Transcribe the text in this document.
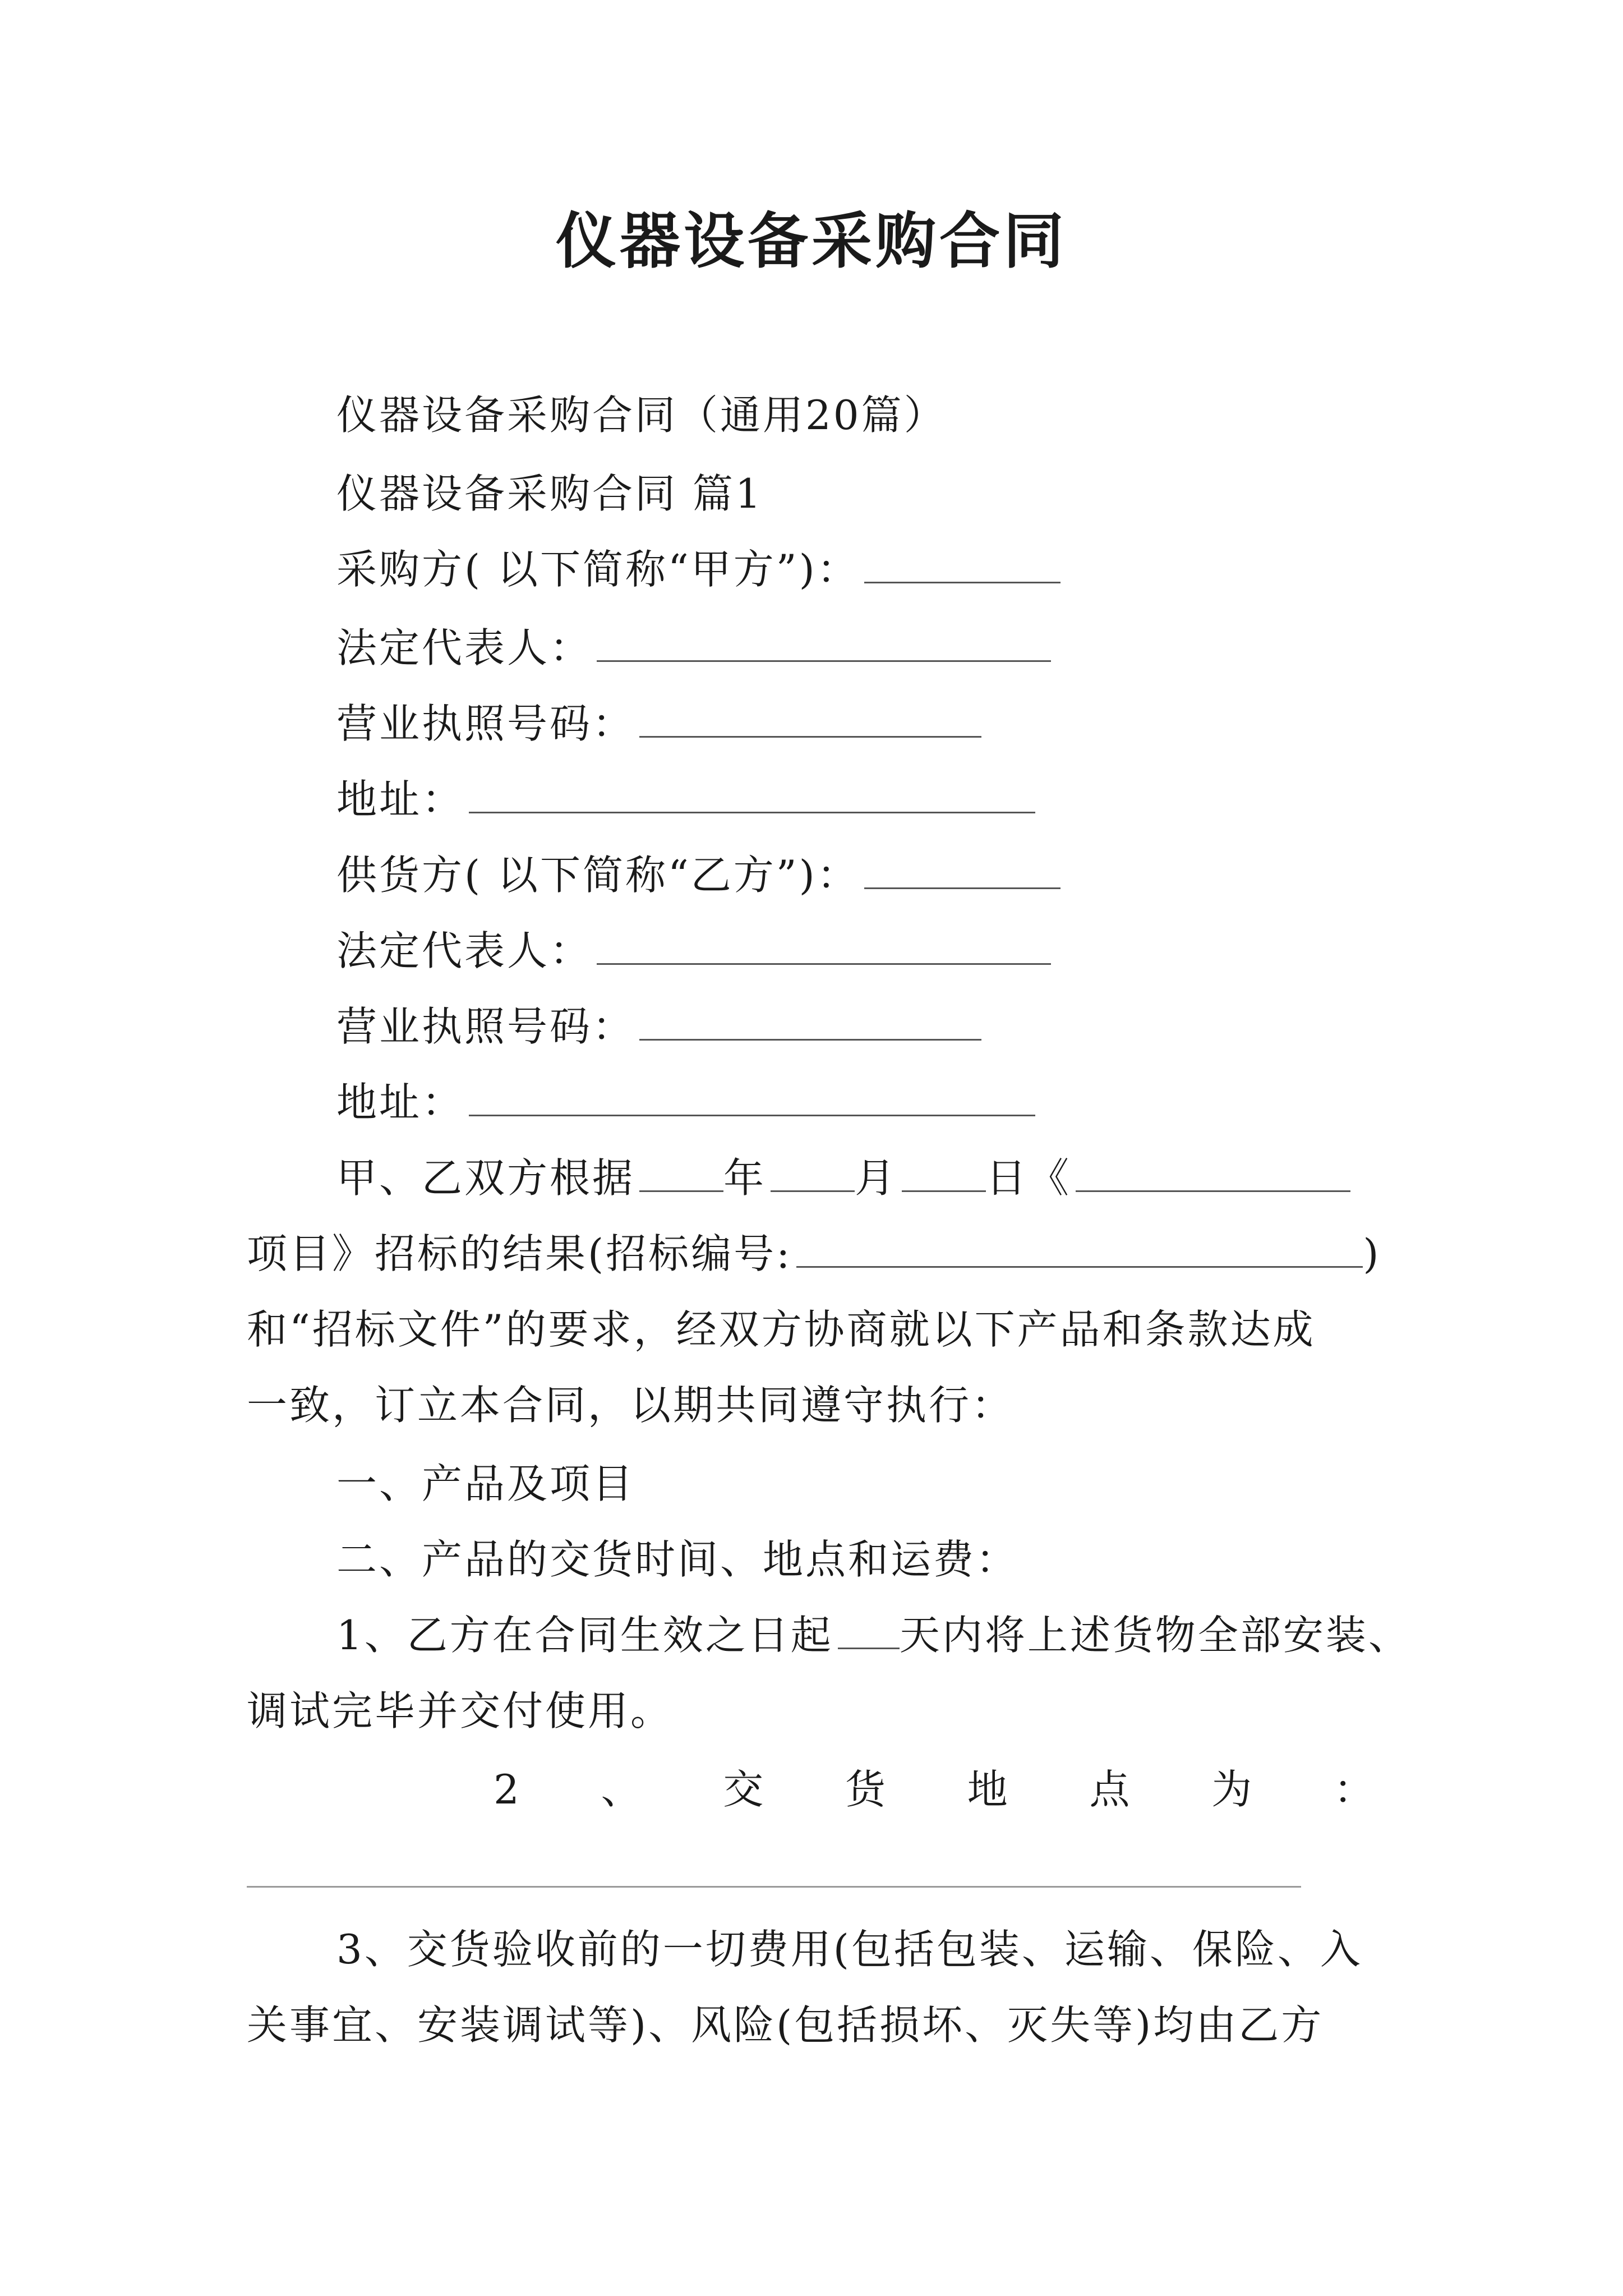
仪器设备采购合同
仪器设备采购合同（通用20篇）
仪器设备采购合同 篇1
采购方( 以下简称“甲方”)：
法定代表人：
营业执照号码：
地址：
供货方( 以下简称“乙方”)：
法定代表人：
营业执照号码：
地址：
甲、乙双方根据 年 月 日《
项目》招标的结果(招标编号:	)
和“招标文件”的要求，经双方协商就以下产品和条款达成
一致，订立本合同，以期共同遵守执行：
一、产品及项目
二、产品的交货时间、地点和运费：
1、乙方在合同生效之日起 天内将上述货物全部安装、
调试完毕并交付使用。
2 、 交 货 地 点 为 ：
3、交货验收前的一切费用(包括包装、运输、保险、入
关事宜、安装调试等)、风险(包括损坏、灭失等)均由乙方
